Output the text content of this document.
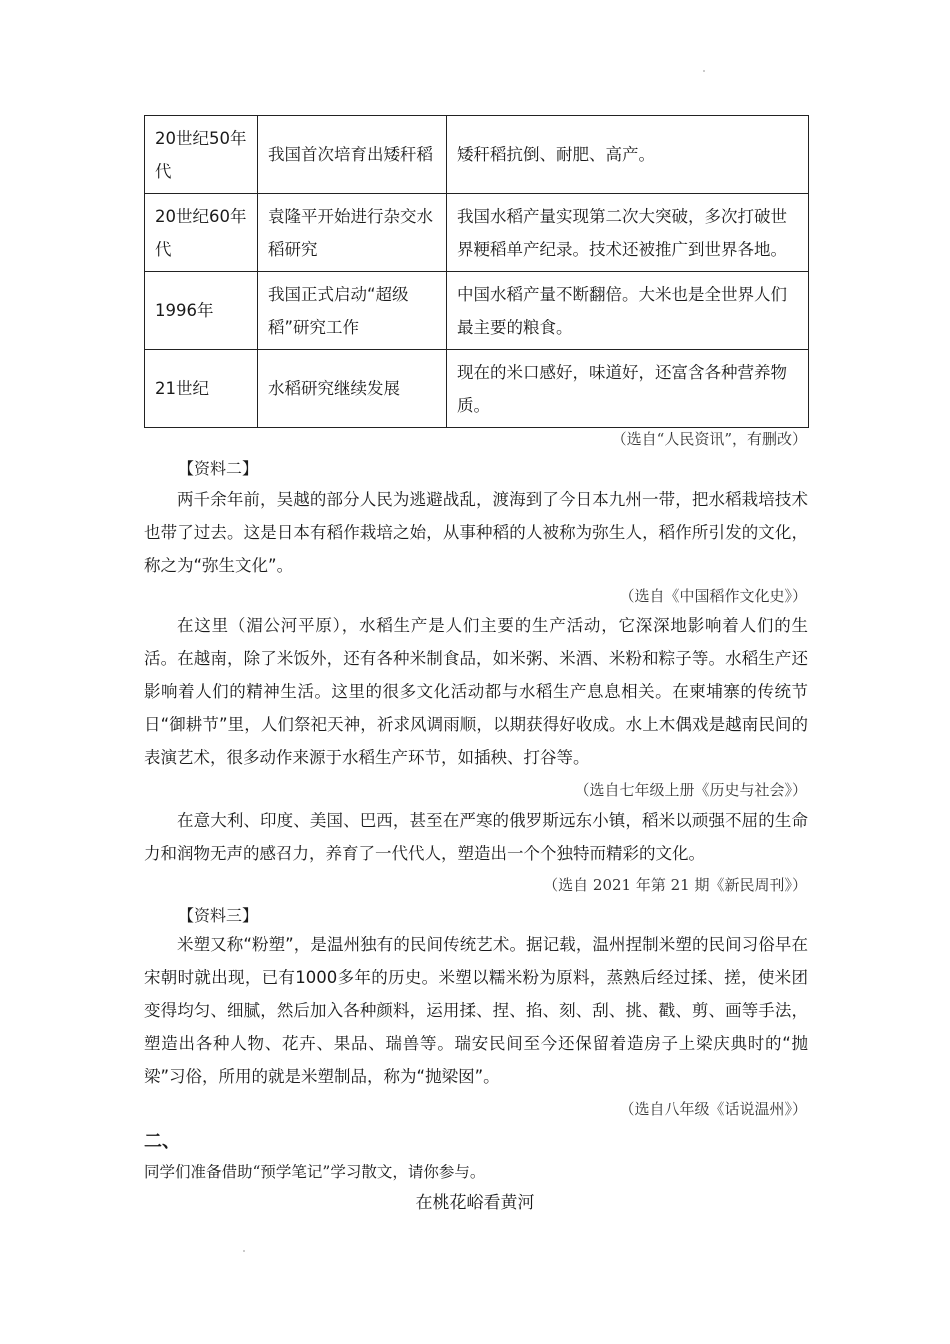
20世纪50年代	我国首次培育出矮秆稻	矮秆稻抗倒、耐肥、高产。
20世纪60年代	袁隆平开始进行杂交水稻研究	我国水稻产量实现第二次大突破，多次打破世界粳稻单产纪录。技术还被推广到世界各地。
1996年	我国正式启动“超级稻”研究工作	中国水稻产量不断翻倍。大米也是全世界人们最主要的粮食。
21世纪	水稻研究继续发展	现在的米口感好，味道好，还富含各种营养物质。
（选自“人民资讯”，有删改）
【资料二】
两千余年前，吴越的部分人民为逃避战乱，渡海到了今日本九州一带，把水稻栽培技术也带了过去。这是日本有稻作栽培之始，从事种稻的人被称为弥生人，稻作所引发的文化，称之为“弥生文化”。
（选自《中国稻作文化史》）
在这里（湄公河平原），水稻生产是人们主要的生产活动，它深深地影响着人们的生活。在越南，除了米饭外，还有各种米制食品，如米粥、米酒、米粉和粽子等。水稻生产还影响着人们的精神生活。这里的很多文化活动都与水稻生产息息相关。在柬埔寨的传统节日“御耕节”里，人们祭祀天神，祈求风调雨顺，以期获得好收成。水上木偶戏是越南民间的表演艺术，很多动作来源于水稻生产环节，如插秧、打谷等。
（选自七年级上册《历史与社会》）
在意大利、印度、美国、巴西，甚至在严寒的俄罗斯远东小镇，稻米以顽强不屈的生命力和润物无声的感召力，养育了一代代人，塑造出一个个独特而精彩的文化。
（选自 2021 年第 21 期《新民周刊》）
【资料三】
米塑又称“粉塑”，是温州独有的民间传统艺术。据记载，温州捏制米塑的民间习俗早在宋朝时就出现，已有1000多年的历史。米塑以糯米粉为原料，蒸熟后经过揉、搓，使米团变得均匀、细腻，然后加入各种颜料，运用揉、捏、掐、刻、刮、挑、戳、剪、画等手法，塑造出各种人物、花卉、果品、瑞兽等。瑞安民间至今还保留着造房子上梁庆典时的“抛梁”习俗，所用的就是米塑制品，称为“抛梁囡”。
（选自八年级《话说温州》）
二、
同学们准备借助“预学笔记”学习散文，请你参与。
在桃花峪看黄河
